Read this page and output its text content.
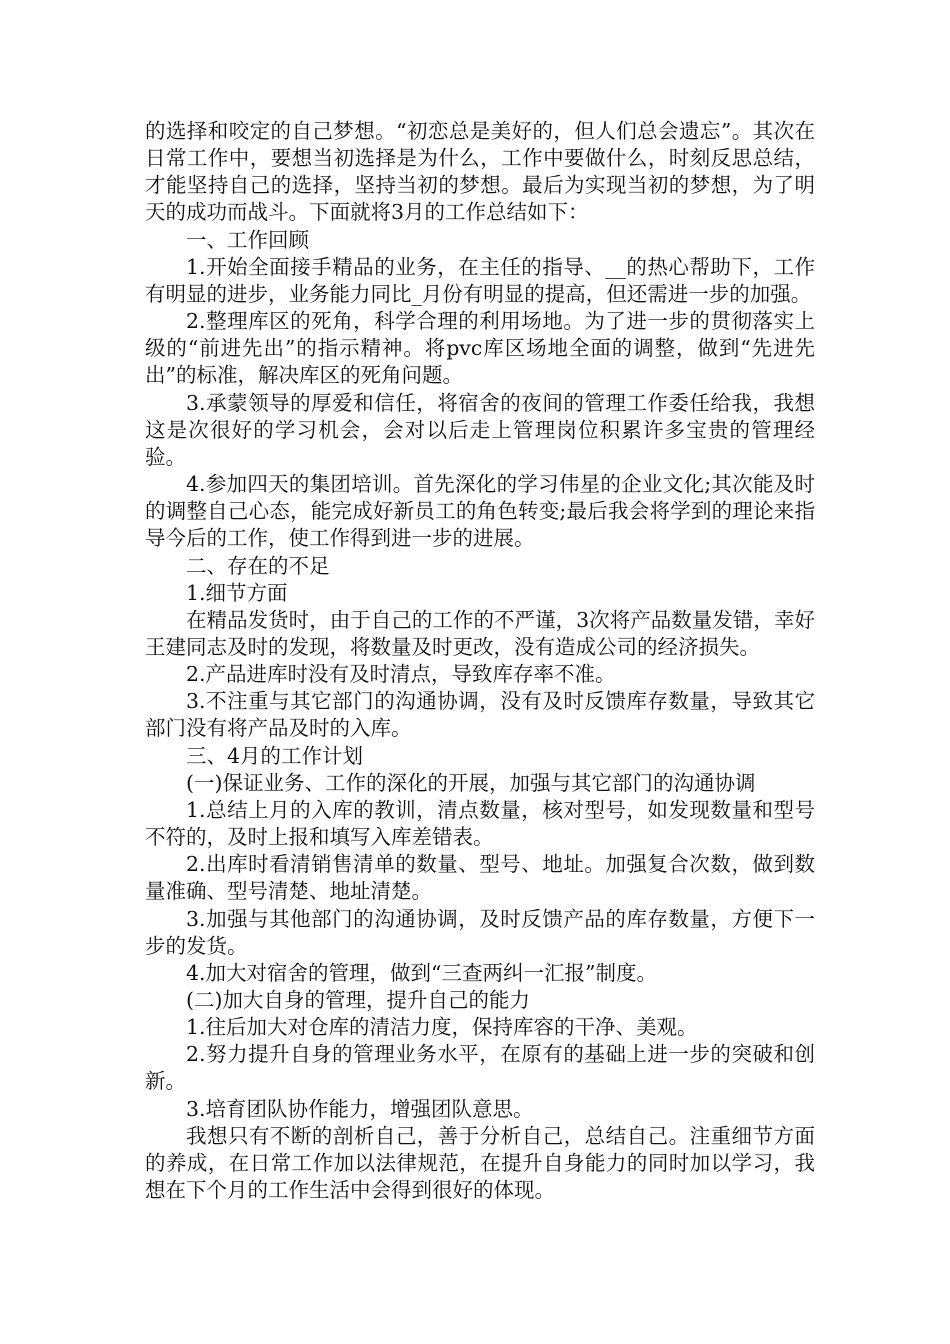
的选择和咬定的自己梦想。“初恋总是美好的，但人们总会遗忘”。其次在日常工作中，要想当初选择是为什么，工作中要做什么，时刻反思总结，才能坚持自己的选择，坚持当初的梦想。最后为实现当初的梦想，为了明天的成功而战斗。下面就将3月的工作总结如下：

一、工作回顾

1.开始全面接手精品的业务，在主任的指导、__的热心帮助下，工作有明显的进步，业务能力同比_月份有明显的提高，但还需进一步的加强。

2.整理库区的死角，科学合理的利用场地。为了进一步的贯彻落实上级的“前进先出”的指示精神。将pvc库区场地全面的调整，做到“先进先出”的标准，解决库区的死角问题。

3.承蒙领导的厚爱和信任，将宿舍的夜间的管理工作委任给我，我想这是次很好的学习机会，会对以后走上管理岗位积累许多宝贵的管理经验。

4.参加四天的集团培训。首先深化的学习伟星的企业文化;其次能及时的调整自己心态，能完成好新员工的角色转变;最后我会将学到的理论来指导今后的工作，使工作得到进一步的进展。

二、存在的不足

1.细节方面

在精品发货时，由于自己的工作的不严谨，3次将产品数量发错，幸好王建同志及时的发现，将数量及时更改，没有造成公司的经济损失。

2.产品进库时没有及时清点，导致库存率不准。

3.不注重与其它部门的沟通协调，没有及时反馈库存数量，导致其它部门没有将产品及时的入库。

三、4月的工作计划

(一)保证业务、工作的深化的开展，加强与其它部门的沟通协调

1.总结上月的入库的教训，清点数量，核对型号，如发现数量和型号不符的，及时上报和填写入库差错表。

2.出库时看清销售清单的数量、型号、地址。加强复合次数，做到数量准确、型号清楚、地址清楚。

3.加强与其他部门的沟通协调，及时反馈产品的库存数量，方便下一步的发货。

4.加大对宿舍的管理，做到“三查两纠一汇报”制度。

(二)加大自身的管理，提升自己的能力

1.往后加大对仓库的清洁力度，保持库容的干净、美观。

2.努力提升自身的管理业务水平，在原有的基础上进一步的突破和创新。

3.培育团队协作能力，增强团队意思。

我想只有不断的剖析自己，善于分析自己，总结自己。注重细节方面的养成，在日常工作加以法律规范，在提升自身能力的同时加以学习，我想在下个月的工作生活中会得到很好的体现。
